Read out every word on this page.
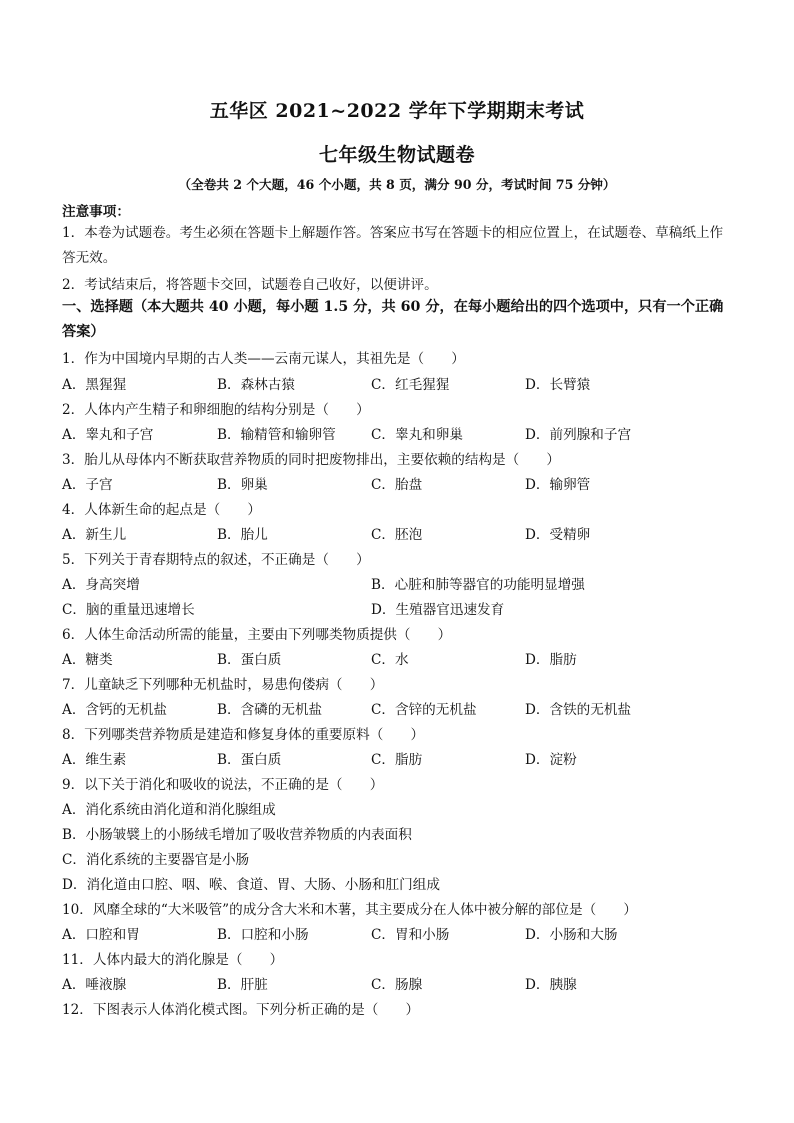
五华区 2021~2022 学年下学期期末考试
七年级生物试题卷
（全卷共 2 个大题，46 个小题，共 8 页，满分 90 分，考试时间 75 分钟）
注意事项：
1．本卷为试题卷。考生必须在答题卡上解题作答。答案应书写在答题卡的相应位置上，在试题卷、草稿纸上作答无效。
2．考试结束后，将答题卡交回，试题卷自己收好，以便讲评。
一、选择题（本大题共 40 小题，每小题 1.5 分，共 60 分，在每小题给出的四个选项中，只有一个正确答案）
1．作为中国境内早期的古人类——云南元谋人，其祖先是（　　）
A．黑猩猩	B．森林古猿	C．红毛猩猩	D．长臂猿
2．人体内产生精子和卵细胞的结构分别是（　　）
A．睾丸和子宫	B．输精管和输卵管	C．睾丸和卵巢	D．前列腺和子宫
3．胎儿从母体内不断获取营养物质的同时把废物排出，主要依赖的结构是（　　）
A．子宫	B．卵巢	C．胎盘	D．输卵管
4．人体新生命的起点是（　　）
A．新生儿	B．胎儿	C．胚泡	D．受精卵
5．下列关于青春期特点的叙述，不正确是（　　）
A．身高突增	B．心脏和肺等器官的功能明显增强
C．脑的重量迅速增长	D．生殖器官迅速发育
6．人体生命活动所需的能量，主要由下列哪类物质提供（　　）
A．糖类	B．蛋白质	C．水	D．脂肪
7．儿童缺乏下列哪种无机盐时，易患佝偻病（　　）
A．含钙的无机盐	B．含磷的无机盐	C．含锌的无机盐	D．含铁的无机盐
8．下列哪类营养物质是建造和修复身体的重要原料（　　）
A．维生素	B．蛋白质	C．脂肪	D．淀粉
9．以下关于消化和吸收的说法，不正确的是（　　）
A．消化系统由消化道和消化腺组成
B．小肠皱襞上的小肠绒毛增加了吸收营养物质的内表面积
C．消化系统的主要器官是小肠
D．消化道由口腔、咽、喉、食道、胃、大肠、小肠和肛门组成
10．风靡全球的“大米吸管”的成分含大米和木薯，其主要成分在人体中被分解的部位是（　　）
A．口腔和胃	B．口腔和小肠	C．胃和小肠	D．小肠和大肠
11．人体内最大的消化腺是（　　）
A．唾液腺	B．肝脏	C．肠腺	D．胰腺
12．下图表示人体消化模式图。下列分析正确的是（　　）
